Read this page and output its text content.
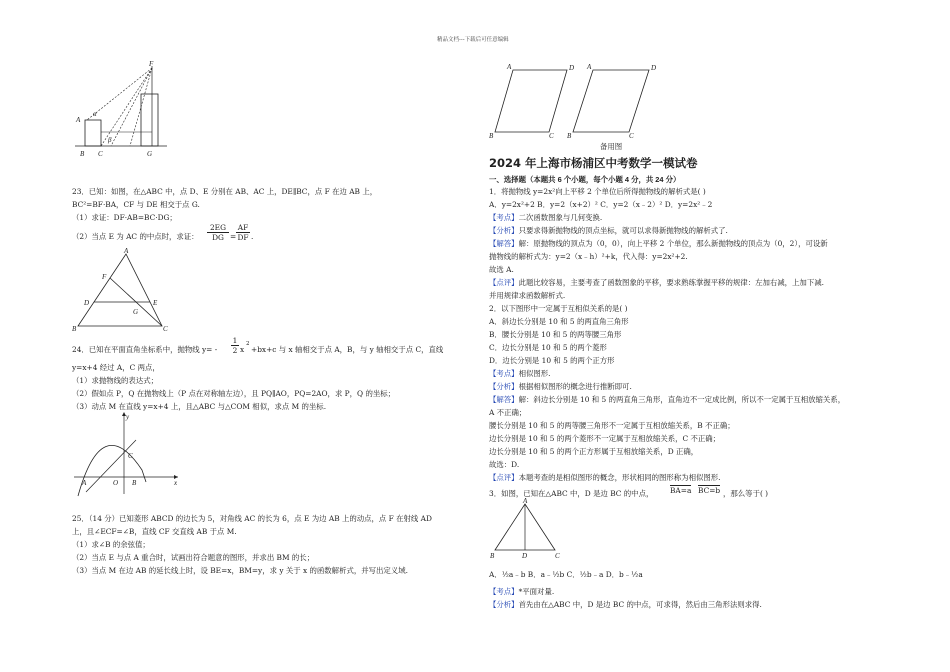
精品文档---下载后可任意编辑
F
A
α
B C
β
G
23．已知：如图，在△ABC 中，点 D、E 分别在 AB、AC 上，DE∥BC，点 F 在边 AB 上，
BC²=BF·BA，CF 与 DE 相交于点 G.
（1）求证：DF·AB=BC·DG；
（2）当点 E 为 AC 的中点时，求证：
2EG
DG =
AF
DF .
A
F
D	E
G
B	C
24．已知在平面直角坐标系中，抛物线 y= -
1
2 x
2
+bx+c 与 x 轴相交于点 A，B，与 y 轴相交于点 C，直线
y=x+4 经过 A，C 两点，
（1）求抛物线的表达式；
（2）假如点 P，Q 在抛物线上（P 点在对称轴左边），且 PQ∥AO，PQ=2AO，求 P，Q 的坐标；
（3）动点 M 在直线 y=x+4 上，且△ABC 与△COM 相似，求点 M 的坐标.
y
C
A	O B	x
25．（14 分）已知菱形 ABCD 的边长为 5，对角线 AC 的长为 6，点 E 为边 AB 上的动点，点 F 在射线 AD
上，且∠ECF=∠B，直线 CF 交直线 AB 于点 M.
（1）求∠B 的余弦值；
（2）当点 E 与点 A 重合时，试画出符合题意的图形，并求出 BM 的长；
（3）当点 M 在边 AB 的延长线上时，设 BE=x，BM=y，求 y 关于 x 的函数解析式，并写出定义域.
A	D
B	C
A	D
B	C
备用图
2024 年上海市杨浦区中考数学一模试卷
一、选择题（本题共 6 个小题，每个小题 4 分，共 24 分）
1．将抛物线 y=2x²向上平移 2 个单位后所得抛物线的解析式是( )
A．y=2x²+2 B．y=2（x+2）² C．y=2（x﹣2）² D．y=2x²﹣2
【考点】二次函数图象与几何变换.
【分析】只要求得新抛物线的顶点坐标，就可以求得新抛物线的解析式了.
【解答】解：原抛物线的顶点为（0，0），向上平移 2 个单位，那么新抛物线的顶点为（0，2），可设新
抛物线的解析式为：y=2（x﹣h）²+k，代入得：y=2x²+2.
故选 A.
【点评】此题比较容易，主要考查了函数图象的平移，要求熟练掌握平移的规律：左加右减，上加下减.
并用规律求函数解析式.
2．以下图形中一定属于互相似关系的是( )
A．斜边长分别是 10 和 5 的两直角三角形
B．腰长分别是 10 和 5 的两等腰三角形
C．边长分别是 10 和 5 的两个菱形
D．边长分别是 10 和 5 的两个正方形
【考点】相似图形.
【分析】根据相似图形的概念进行推断即可.
【解答】解：斜边长分别是 10 和 5 的两直角三角形，直角边不一定成比例，所以不一定属于互相放缩关系，
A 不正确；
腰长分别是 10 和 5 的两等腰三角形不一定属于互相放缩关系，B 不正确；
边长分别是 10 和 5 的两个菱形不一定属于互相放缩关系，C 不正确；
边长分别是 10 和 5 的两个正方形属于互相放缩关系，D 正确，
故选：D.
【点评】本题考查的是相似图形的概念，形状相同的图形称为相似图形.
3．如图，已知在△ABC 中，D 是边 BC 的中点， BA=a BC=b ，那么等于( )
A
B	D	C
A．½a﹣b B．a﹣½b C．½b﹣a D．b﹣½a
【考点】*平面对量.
【分析】首先由在△ABC 中，D 是边 BC 的中点，可求得，然后由三角形法则求得.
